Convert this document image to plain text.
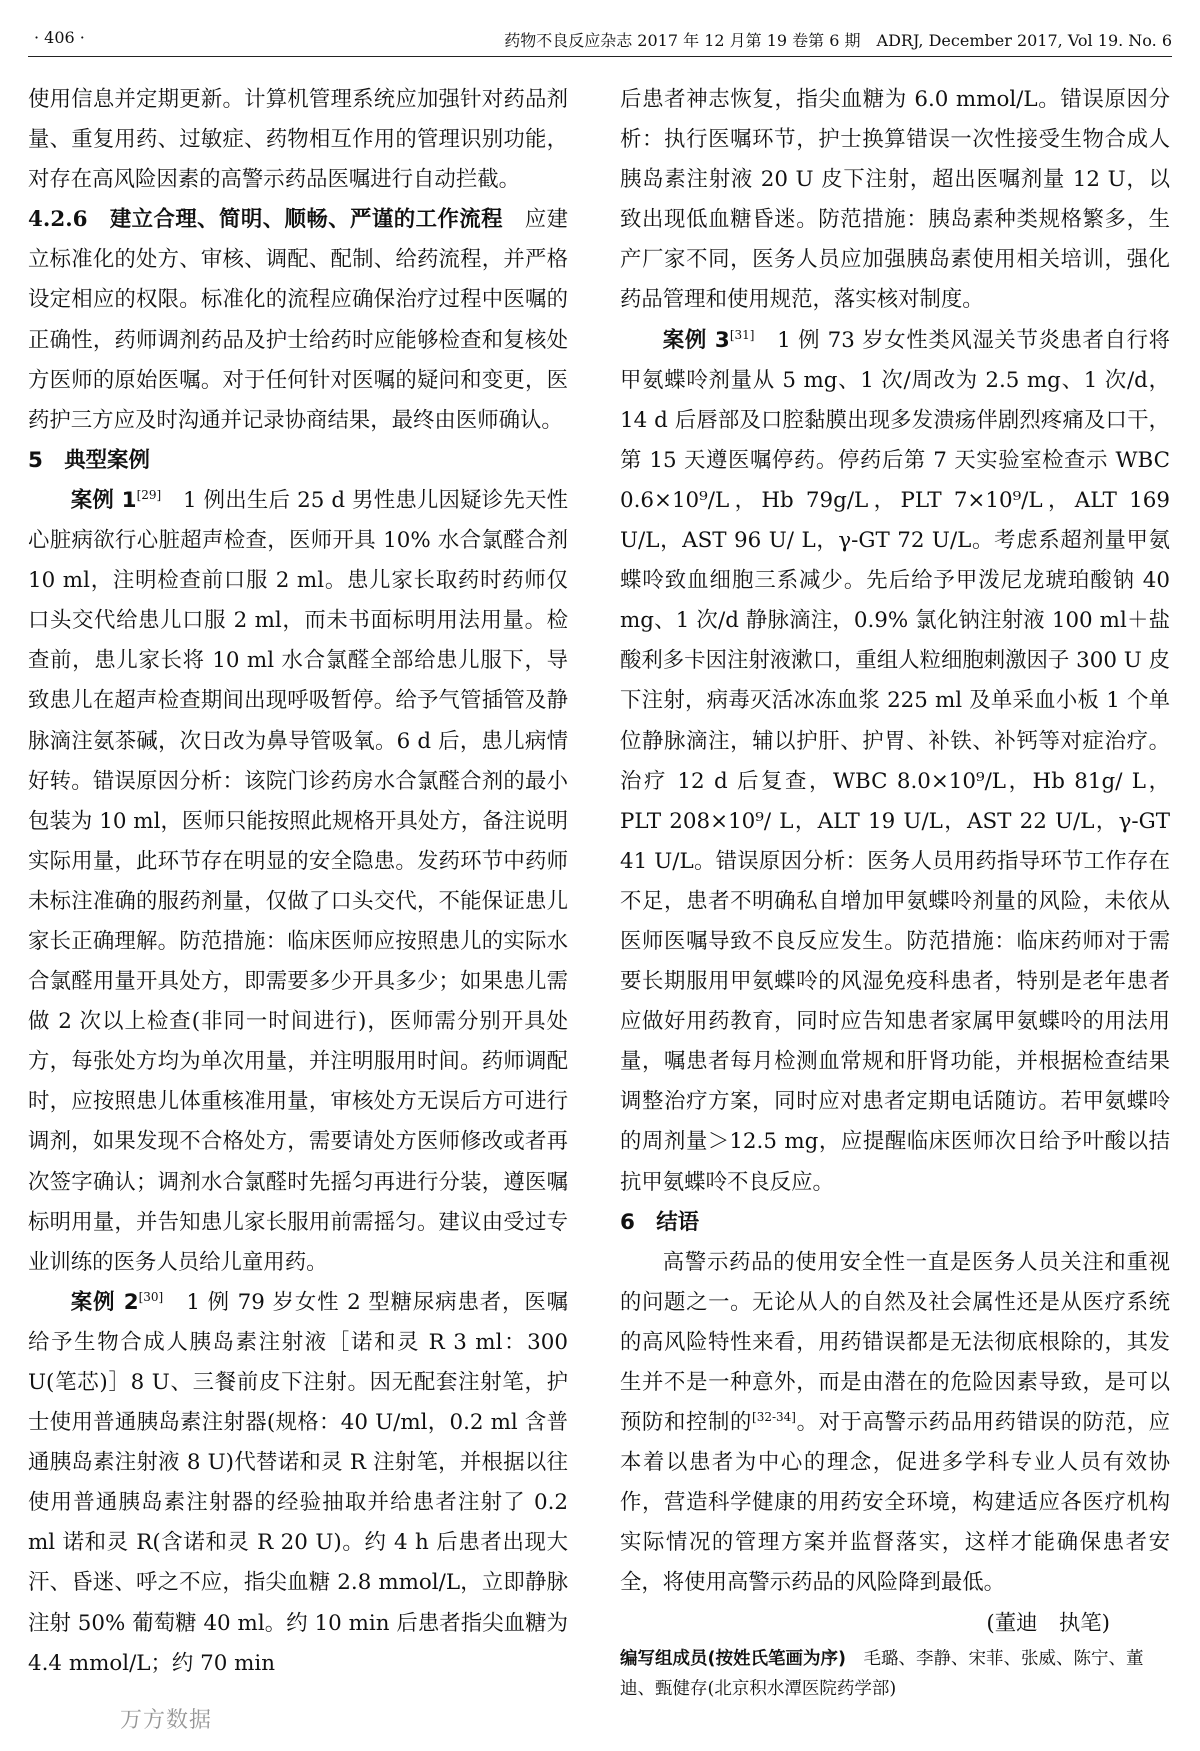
· 406 ·	药物不良反应杂志 2017 年 12 月第 19 卷第 6 期　ADRJ, December 2017, Vol 19. No. 6

使用信息并定期更新。计算机管理系统应加强针对药品剂量、重复用药、过敏症、药物相互作用的管理识别功能，对存在高风险因素的高警示药品医嘱进行自动拦截。

4.2.6　建立合理、简明、顺畅、严谨的工作流程　应建立标准化的处方、审核、调配、配制、给药流程，并严格设定相应的权限。标准化的流程应确保治疗过程中医嘱的正确性，药师调剂药品及护士给药时应能够检查和复核处方医师的原始医嘱。对于任何针对医嘱的疑问和变更，医药护三方应及时沟通并记录协商结果，最终由医师确认。

5　典型案例

案例 1[29]　1 例出生后 25 d 男性患儿因疑诊先天性心脏病欲行心脏超声检查，医师开具 10% 水合氯醛合剂 10 ml，注明检查前口服 2 ml。患儿家长取药时药师仅口头交代给患儿口服 2 ml，而未书面标明用法用量。检查前，患儿家长将 10 ml 水合氯醛全部给患儿服下，导致患儿在超声检查期间出现呼吸暂停。给予气管插管及静脉滴注氨茶碱，次日改为鼻导管吸氧。6 d 后，患儿病情好转。错误原因分析：该院门诊药房水合氯醛合剂的最小包装为 10 ml，医师只能按照此规格开具处方，备注说明实际用量，此环节存在明显的安全隐患。发药环节中药师未标注准确的服药剂量，仅做了口头交代，不能保证患儿家长正确理解。防范措施：临床医师应按照患儿的实际水合氯醛用量开具处方，即需要多少开具多少；如果患儿需做 2 次以上检查(非同一时间进行)，医师需分别开具处方，每张处方均为单次用量，并注明服用时间。药师调配时，应按照患儿体重核准用量，审核处方无误后方可进行调剂，如果发现不合格处方，需要请处方医师修改或者再次签字确认；调剂水合氯醛时先摇匀再进行分装，遵医嘱标明用量，并告知患儿家长服用前需摇匀。建议由受过专业训练的医务人员给儿童用药。

案例 2[30]　1 例 79 岁女性 2 型糖尿病患者，医嘱给予生物合成人胰岛素注射液［诺和灵 R 3 ml：300 U(笔芯)］8 U、三餐前皮下注射。因无配套注射笔，护士使用普通胰岛素注射器(规格：40 U/ml，0.2 ml 含普通胰岛素注射液 8 U)代替诺和灵 R 注射笔，并根据以往使用普通胰岛素注射器的经验抽取并给患者注射了 0.2 ml 诺和灵 R(含诺和灵 R 20 U)。约 4 h 后患者出现大汗、昏迷、呼之不应，指尖血糖 2.8 mmol/L，立即静脉注射 50% 葡萄糖 40 ml。约 10 min 后患者指尖血糖为 4.4 mmol/L；约 70 min

后患者神志恢复，指尖血糖为 6.0 mmol/L。错误原因分析：执行医嘱环节，护士换算错误一次性接受生物合成人胰岛素注射液 20 U 皮下注射，超出医嘱剂量 12 U，以致出现低血糖昏迷。防范措施：胰岛素种类规格繁多，生产厂家不同，医务人员应加强胰岛素使用相关培训，强化药品管理和使用规范，落实核对制度。

案例 3[31]　1 例 73 岁女性类风湿关节炎患者自行将甲氨蝶呤剂量从 5 mg、1 次/周改为 2.5 mg、1 次/d，14 d 后唇部及口腔黏膜出现多发溃疡伴剧烈疼痛及口干，第 15 天遵医嘱停药。停药后第 7 天实验室检查示 WBC 0.6×10⁹/L，Hb 79g/L，PLT 7×10⁹/L，ALT 169 U/L，AST 96 U/ L，γ-GT 72 U/L。考虑系超剂量甲氨蝶呤致血细胞三系减少。先后给予甲泼尼龙琥珀酸钠 40 mg、1 次/d 静脉滴注，0.9% 氯化钠注射液 100 ml＋盐酸利多卡因注射液漱口，重组人粒细胞刺激因子 300 U 皮下注射，病毒灭活冰冻血浆 225 ml 及单采血小板 1 个单位静脉滴注，辅以护肝、护胃、补铁、补钙等对症治疗。治疗 12 d 后复查，WBC 8.0×10⁹/L，Hb 81g/ L，PLT 208×10⁹/ L，ALT 19 U/L，AST 22 U/L，γ-GT 41 U/L。错误原因分析：医务人员用药指导环节工作存在不足，患者不明确私自增加甲氨蝶呤剂量的风险，未依从医师医嘱导致不良反应发生。防范措施：临床药师对于需要长期服用甲氨蝶呤的风湿免疫科患者，特别是老年患者应做好用药教育，同时应告知患者家属甲氨蝶呤的用法用量，嘱患者每月检测血常规和肝肾功能，并根据检查结果调整治疗方案，同时应对患者定期电话随访。若甲氨蝶呤的周剂量＞12.5 mg，应提醒临床医师次日给予叶酸以拮抗甲氨蝶呤不良反应。

6　结语

高警示药品的使用安全性一直是医务人员关注和重视的问题之一。无论从人的自然及社会属性还是从医疗系统的高风险特性来看，用药错误都是无法彻底根除的，其发生并不是一种意外，而是由潜在的危险因素导致，是可以预防和控制的[32-34]。对于高警示药品用药错误的防范，应本着以患者为中心的理念，促进多学科专业人员有效协作，营造科学健康的用药安全环境，构建适应各医疗机构实际情况的管理方案并监督落实，这样才能确保患者安全，将使用高警示药品的风险降到最低。

(董迪　执笔)

编写组成员(按姓氏笔画为序)　毛璐、李静、宋菲、张威、陈宁、董迪、甄健存(北京积水潭医院药学部)

万方数据
